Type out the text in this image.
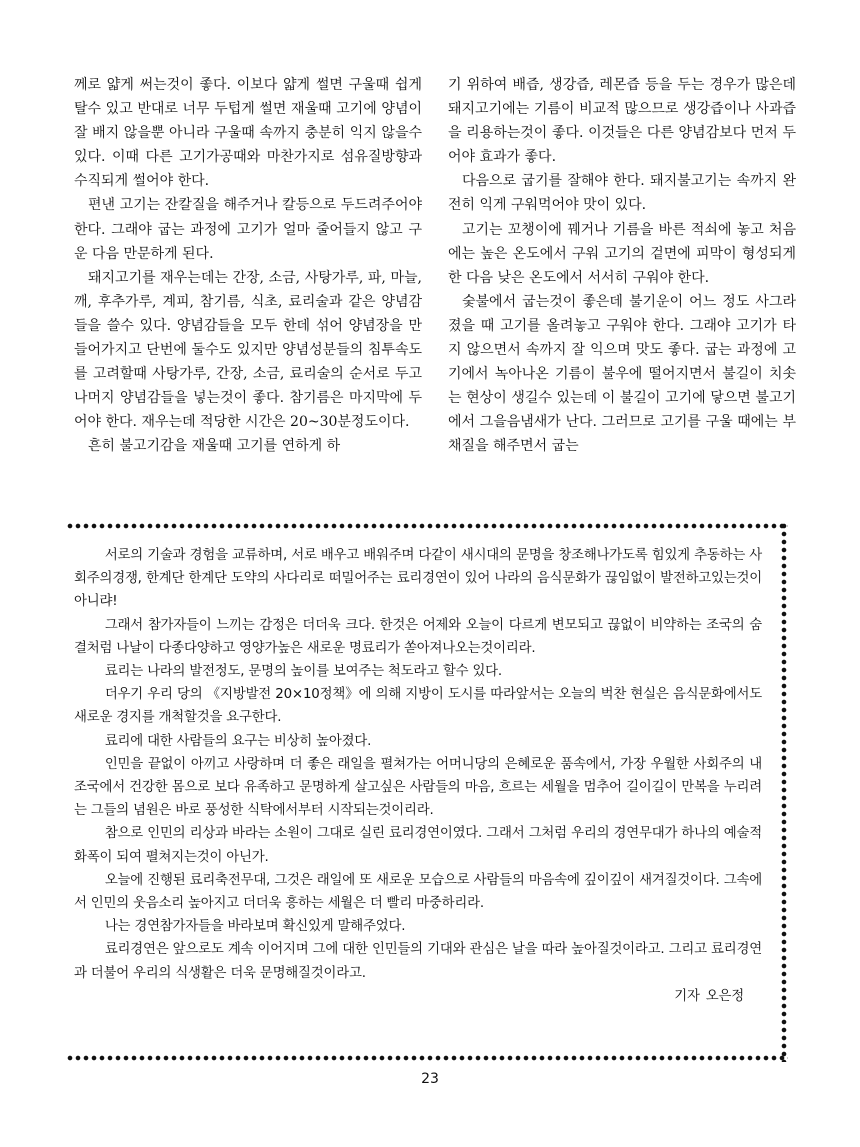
께로 얇게 써는것이 좋다. 이보다 얇게 썰면 구울때 쉽게 탈수 있고 반대로 너무 두텁게 썰면 재울때 고기에 양념이 잘 배지 않을뿐 아니라 구울때 속까지 충분히 익지 않을수 있다. 이때 다른 고기가공때와 마찬가지로 섬유질방향과 수직되게 썰어야 한다.

편낸 고기는 잔칼질을 해주거나 칼등으로 두드려주어야 한다. 그래야 굽는 과정에 고기가 얼마 줄어들지 않고 구운 다음 만문하게 된다.

돼지고기를 재우는데는 간장, 소금, 사탕가루, 파, 마늘, 깨, 후추가루, 계피, 참기름, 식초, 료리술과 같은 양념감들을 쓸수 있다. 양념감들을 모두 한데 섞어 양념장을 만들어가지고 단번에 둘수도 있지만 양념성분들의 침투속도를 고려할때 사탕가루, 간장, 소금, 료리술의 순서로 두고 나머지 양념감들을 넣는것이 좋다. 참기름은 마지막에 두어야 한다. 재우는데 적당한 시간은 20~30분정도이다.

흔히 불고기감을 재울때 고기를 연하게 하

기 위하여 배즙, 생강즙, 레몬즙 등을 두는 경우가 많은데 돼지고기에는 기름이 비교적 많으므로 생강즙이나 사과즙을 리용하는것이 좋다. 이것들은 다른 양념감보다 먼저 두어야 효과가 좋다.

다음으로 굽기를 잘해야 한다. 돼지불고기는 속까지 완전히 익게 구워먹어야 맛이 있다.

고기는 꼬챙이에 꿰거나 기름을 바른 적쇠에 놓고 처음에는 높은 온도에서 구워 고기의 겉면에 피막이 형성되게 한 다음 낮은 온도에서 서서히 구워야 한다.

숯불에서 굽는것이 좋은데 불기운이 어느 정도 사그라졌을 때 고기를 올려놓고 구워야 한다. 그래야 고기가 타지 않으면서 속까지 잘 익으며 맛도 좋다. 굽는 과정에 고기에서 녹아나온 기름이 불우에 떨어지면서 불길이 치솟는 현상이 생길수 있는데 이 불길이 고기에 닿으면 불고기에서 그을음냄새가 난다. 그러므로 고기를 구울 때에는 부채질을 해주면서 굽는

서로의 기술과 경험을 교류하며, 서로 배우고 배워주며 다같이 새시대의 문명을 창조해나가도록 힘있게 추동하는 사회주의경쟁, 한계단 한계단 도약의 사다리로 떠밀어주는 료리경연이 있어 나라의 음식문화가 끊임없이 발전하고있는것이 아니랴!

그래서 참가자들이 느끼는 감정은 더더욱 크다. 한것은 어제와 오늘이 다르게 변모되고 끊없이 비약하는 조국의 숨결처럼 나날이 다종다양하고 영양가높은 새로운 명료리가 쏟아져나오는것이리라.

료리는 나라의 발전정도, 문명의 높이를 보여주는 척도라고 할수 있다.

더우기 우리 당의 《지방발전 20×10정책》에 의해 지방이 도시를 따라앞서는 오늘의 벅찬 현실은 음식문화에서도 새로운 경지를 개척할것을 요구한다.

료리에 대한 사람들의 요구는 비상히 높아졌다.

인민을 끝없이 아끼고 사랑하며 더 좋은 래일을 펼쳐가는 어머니당의 은혜로운 품속에서, 가장 우월한 사회주의 내 조국에서 건강한 몸으로 보다 유족하고 문명하게 살고싶은 사람들의 마음, 흐르는 세월을 멈추어 길이길이 만복을 누리려는 그들의 념원은 바로 풍성한 식탁에서부터 시작되는것이리라.

참으로 인민의 리상과 바라는 소원이 그대로 실린 료리경연이였다. 그래서 그처럼 우리의 경연무대가 하나의 예술적화폭이 되여 펼쳐지는것이 아닌가.

오늘에 진행된 료리축전무대, 그것은 래일에 또 새로운 모습으로 사람들의 마음속에 깊이깊이 새겨질것이다. 그속에서 인민의 웃음소리 높아지고 더더욱 흥하는 세월은 더 빨리 마중하리라.

나는 경연참가자들을 바라보며 확신있게 말해주었다.

료리경연은 앞으로도 계속 이어지며 그에 대한 인민들의 기대와 관심은 날을 따라 높아질것이라고. 그리고 료리경연과 더불어 우리의 식생활은 더욱 문명해질것이라고.

기자 오은정

23
